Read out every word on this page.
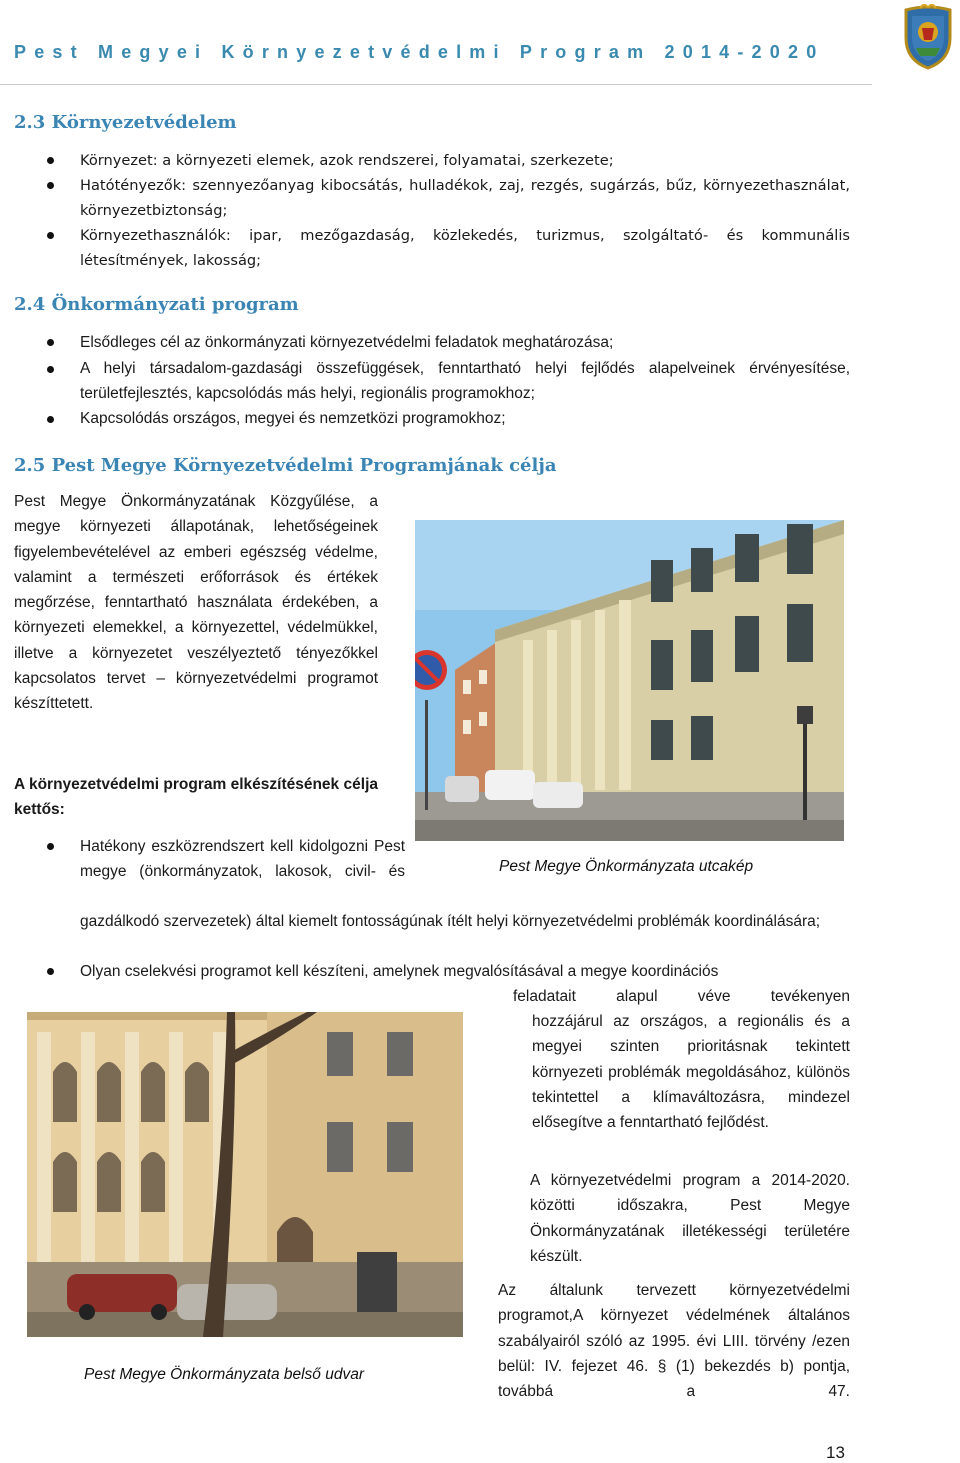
Pest Megyei Környezetvédelmi Program 2014-2020
2.3 Környezetvédelem
Környezet: a környezeti elemek, azok rendszerei, folyamatai, szerkezete;
Hatótényezők: szennyezőanyag kibocsátás, hulladékok, zaj, rezgés, sugárzás, bűz, környezethasználat, környezetbiztonság;
Környezethasználók: ipar, mezőgazdaság, közlekedés, turizmus, szolgáltató- és kommunális létesítmények, lakosság;
2.4 Önkormányzati program
Elsődleges cél az önkormányzati környezetvédelmi feladatok meghatározása;
A helyi társadalom-gazdasági összefüggések, fenntartható helyi fejlődés alapelveinek érvényesítése, területfejlesztés, kapcsolódás más helyi, regionális programokhoz;
Kapcsolódás országos, megyei és nemzetközi programokhoz;
2.5 Pest Megye Környezetvédelmi Programjának célja
Pest Megye Önkormányzatának Közgyűlése, a megye környezeti állapotának, lehetőségeinek figyelembevételével az emberi egészség védelme, valamint a természeti erőforrások és értékek megőrzése, fenntartható használata érdekében, a környezeti elemekkel, a környezettel, védelmükkel, illetve a környezetet veszélyeztető tényezőkkel kapcsolatos tervet – környezetvédelmi programot készíttetett.
A környezetvédelmi program elkészítésének célja kettős:
Pest Megye Önkormányzata utcakép
Hatékony eszközrendszert kell kidolgozni Pest megye (önkormányzatok, lakosok, civil- és
gazdálkodó szervezetek) által kiemelt fontosságúnak ítélt helyi környezetvédelmi problémák koordinálására;
Olyan cselekvési programot kell készíteni, amelynek megvalósításával a megye koordinációs
feladatait alapul véve tevékenyen
hozzájárul az országos, a regionális és a megyei szinten prioritásnak tekintett környezeti problémák megoldásához, különös tekintettel a klímaváltozásra, mindezel elősegítve a fenntartható fejlődést.
Pest Megye Önkormányzata belső udvar
A környezetvédelmi program a 2014-2020. közötti időszakra, Pest Megye Önkormányzatának illetékességi területére készült.
Az általunk tervezett környezetvédelmi programot,A környezet védelmének általános szabályairól szóló az 1995. évi LIII. törvény /ezen belül: IV. fejezet 46. § (1) bekezdés b) pontja, továbbá a 47.
13
